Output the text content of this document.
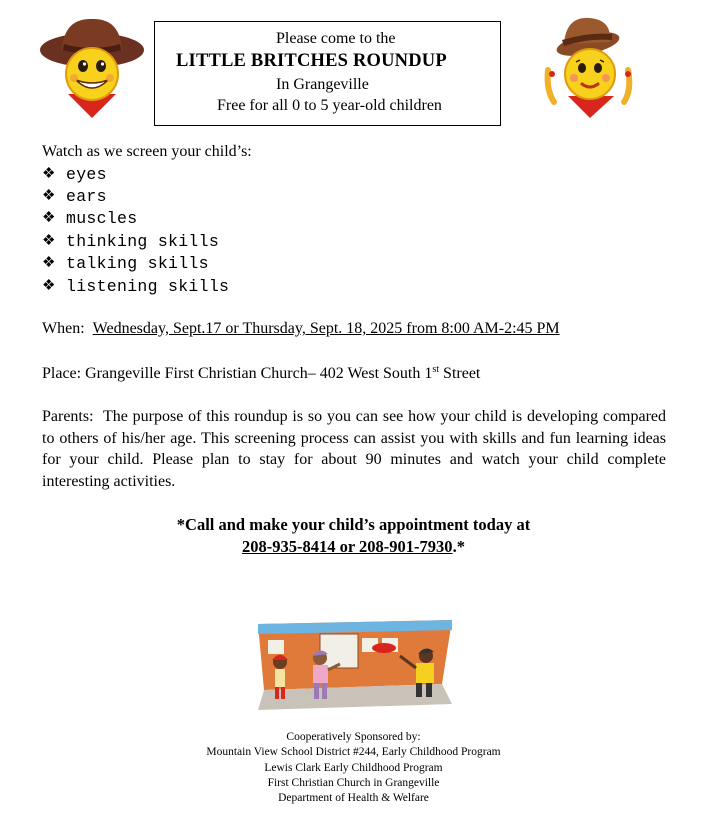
Please come to the
LITTLE BRITCHES ROUNDUP
In Grangeville
Free for all 0 to 5 year-old children
Watch as we screen your child’s:
❖ eyes
❖ ears
❖ muscles
❖ thinking skills
❖ talking skills
❖ listening skills
When: Wednesday, Sept.17 or Thursday, Sept. 18, 2025 from 8:00 AM-2:45 PM
Place: Grangeville First Christian Church– 402 West South 1st Street

Parents: The purpose of this roundup is so you can see how your child is developing compared to others of his/her age. This screening process can assist you with skills and fun learning ideas for your child. Please plan to stay for about 90 minutes and watch your child complete interesting activities.

*Call and make your child’s appointment today at
208-935-8414 or 208-901-7930.*
Cooperatively Sponsored by:
Mountain View School District #244, Early Childhood Program
Lewis Clark Early Childhood Program
First Christian Church in Grangeville
Department of Health & Welfare
